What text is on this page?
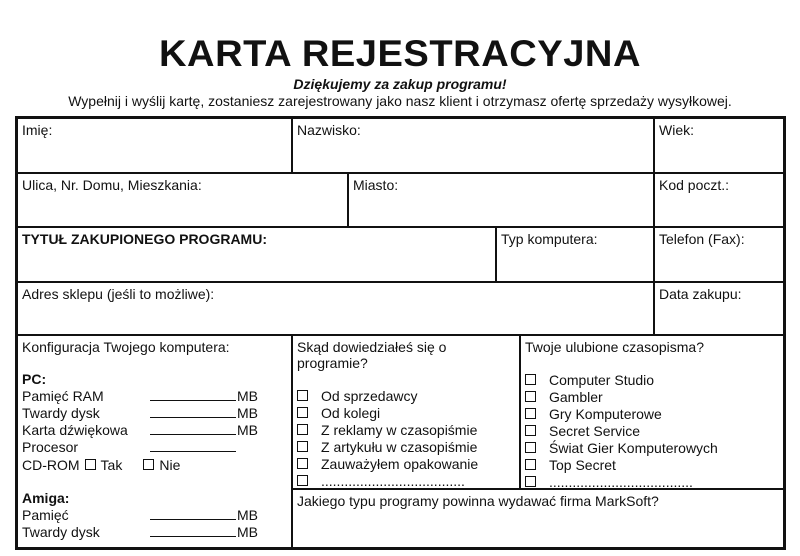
KARTA REJESTRACYJNA
Dziękujemy za zakup programu!
Wypełnij i wyślij kartę, zostaniesz zarejestrowany jako nasz klient i otrzymasz ofertę sprzedaży wysyłkowej.
Imię:	Nazwisko:	Wiek:
Ulica, Nr. Domu, Mieszkania:	Miasto:	Kod poczt.:
TYTUŁ ZAKUPIONEGO PROGRAMU:	Typ komputera:	Telefon (Fax):
Adres sklepu (jeśli to możliwe):	Data zakupu:
Konfiguracja Twojego komputera:
PC:
Pamięć RAM	MB
Twardy dysk	MB
Karta dźwiękowa	MB
Procesor
CD-ROM Tak	Nie
Amiga:
Pamięć	MB
Twardy dysk	MB
Skąd dowiedziałeś się o
programie?
Od sprzedawcy
Od kolegi
Z reklamy w czasopiśmie
Z artykułu w czasopiśmie
Zauważyłem opakowanie
.....................................
Twoje ulubione czasopisma?
Computer Studio
Gambler
Gry Komputerowe
Secret Service
Świat Gier Komputerowych
Top Secret
.....................................
Jakiego typu programy powinna wydawać firma MarkSoft?
